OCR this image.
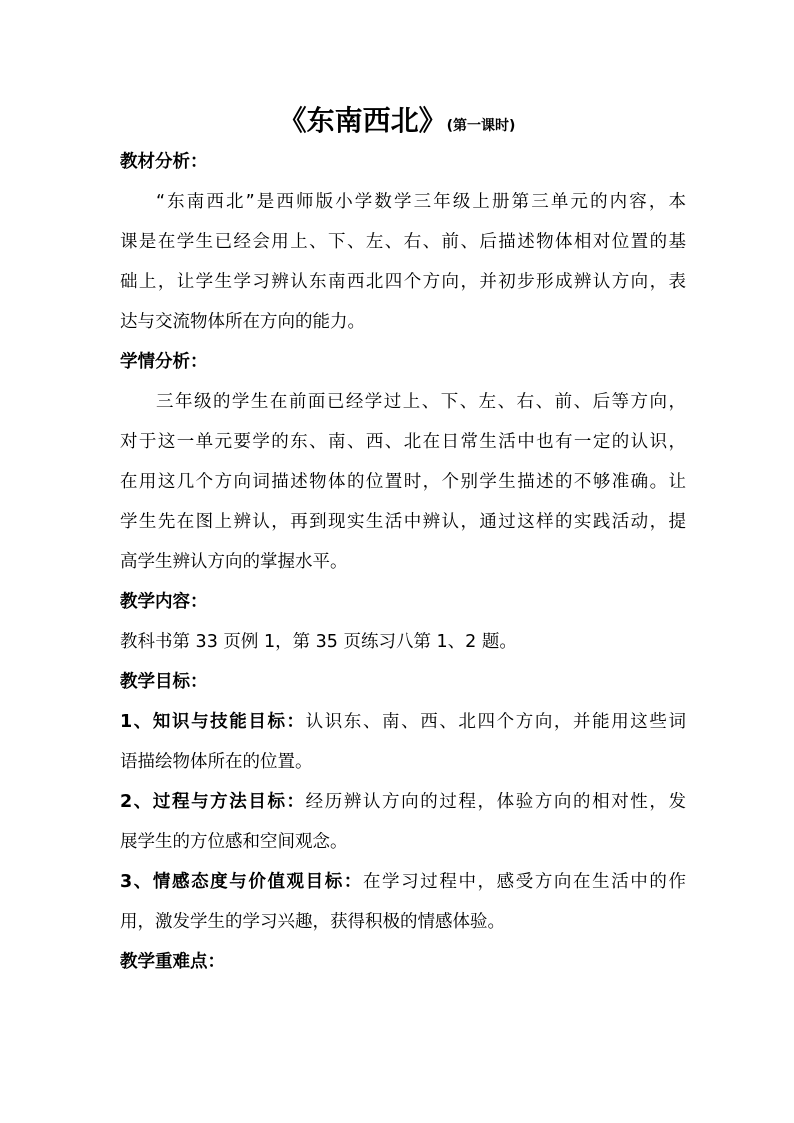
《东南西北》(第一课时)
教材分析：
“东南西北”是西师版小学数学三年级上册第三单元的内容，本
课是在学生已经会用上、下、左、右、前、后描述物体相对位置的基
础上，让学生学习辨认东南西北四个方向，并初步形成辨认方向，表
达与交流物体所在方向的能力。
学情分析：
三年级的学生在前面已经学过上、下、左、右、前、后等方向，
对于这一单元要学的东、南、西、北在日常生活中也有一定的认识，
在用这几个方向词描述物体的位置时，个别学生描述的不够准确。让
学生先在图上辨认，再到现实生活中辨认，通过这样的实践活动，提
高学生辨认方向的掌握水平。
教学内容：
教科书第 33 页例 1，第 35 页练习八第 1、2 题。
教学目标：
1、知识与技能目标：认识东、南、西、北四个方向，并能用这些词
语描绘物体所在的位置。
2、过程与方法目标：经历辨认方向的过程，体验方向的相对性，发
展学生的方位感和空间观念。
3、情感态度与价值观目标：在学习过程中，感受方向在生活中的作
用，激发学生的学习兴趣，获得积极的情感体验。
教学重难点：
